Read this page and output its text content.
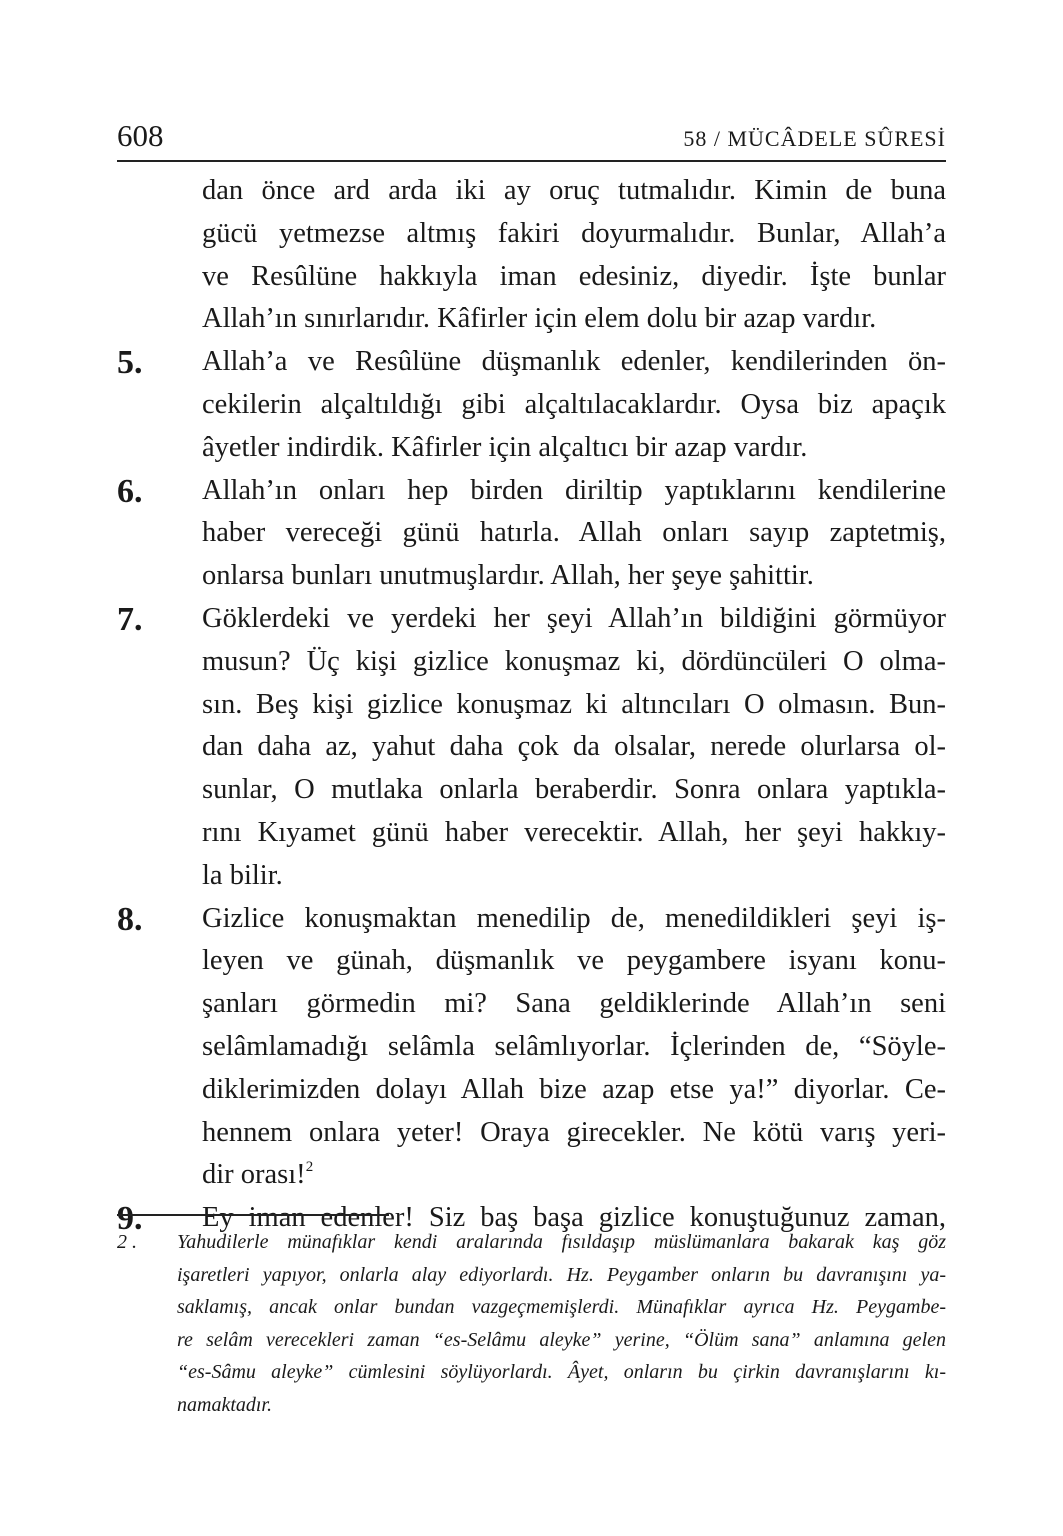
608	58 / MÜCÂDELE SÛRESİ
dan önce ard arda iki ay oruç tutmalıdır. Kimin de buna
gücü yetmezse altmış fakiri doyurmalıdır. Bunlar, Allah’a
ve Resûlüne hakkıyla iman edesiniz, diyedir. İşte bunlar
Allah’ın sınırlarıdır. Kâfirler için elem dolu bir azap vardır.
5. Allah’a ve Resûlüne düşmanlık edenler, kendilerinden ön-
cekilerin alçaltıldığı gibi alçaltılacaklardır. Oysa biz apaçık
âyetler indirdik. Kâfirler için alçaltıcı bir azap vardır.
6. Allah’ın onları hep birden diriltip yaptıklarını kendilerine
haber vereceği günü hatırla. Allah onları sayıp zaptetmiş,
onlarsa bunları unutmuşlardır. Allah, her şeye şahittir.
7. Göklerdeki ve yerdeki her şeyi Allah’ın bildiğini görmüyor
musun? Üç kişi gizlice konuşmaz ki, dördüncüleri O olma-
sın. Beş kişi gizlice konuşmaz ki altıncıları O olmasın. Bun-
dan daha az, yahut daha çok da olsalar, nerede olurlarsa ol-
sunlar, O mutlaka onlarla beraberdir. Sonra onlara yaptıkla-
rını Kıyamet günü haber verecektir. Allah, her şeyi hakkıy-
la bilir.
8. Gizlice konuşmaktan menedilip de, menedildikleri şeyi iş-
leyen ve günah, düşmanlık ve peygambere isyanı konu-
şanları görmedin mi? Sana geldiklerinde Allah’ın seni
selâmlamadığı selâmla selâmlıyorlar. İçlerinden de, “Söyle-
diklerimizden dolayı Allah bize azap etse ya!” diyorlar. Ce-
hennem onlara yeter! Oraya girecekler. Ne kötü varış yeri-
dir orası!$^2$
9. Ey iman edenler! Siz baş başa gizlice konuştuğunuz zaman,
2 . Yahudilerle münafıklar kendi aralarında fısıldaşıp müslümanlara bakarak kaş göz
işaretleri yapıyor, onlarla alay ediyorlardı. Hz. Peygamber onların bu davranışını ya-
saklamış, ancak onlar bundan vazgeçmemişlerdi. Münafıklar ayrıca Hz. Peygambe-
re selâm verecekleri zaman “es-Selâmu aleyke” yerine, “Ölüm sana” anlamına gelen
“es-Sâmu aleyke” cümlesini söylüyorlardı. Âyet, onların bu çirkin davranışlarını kı-
namaktadır.
